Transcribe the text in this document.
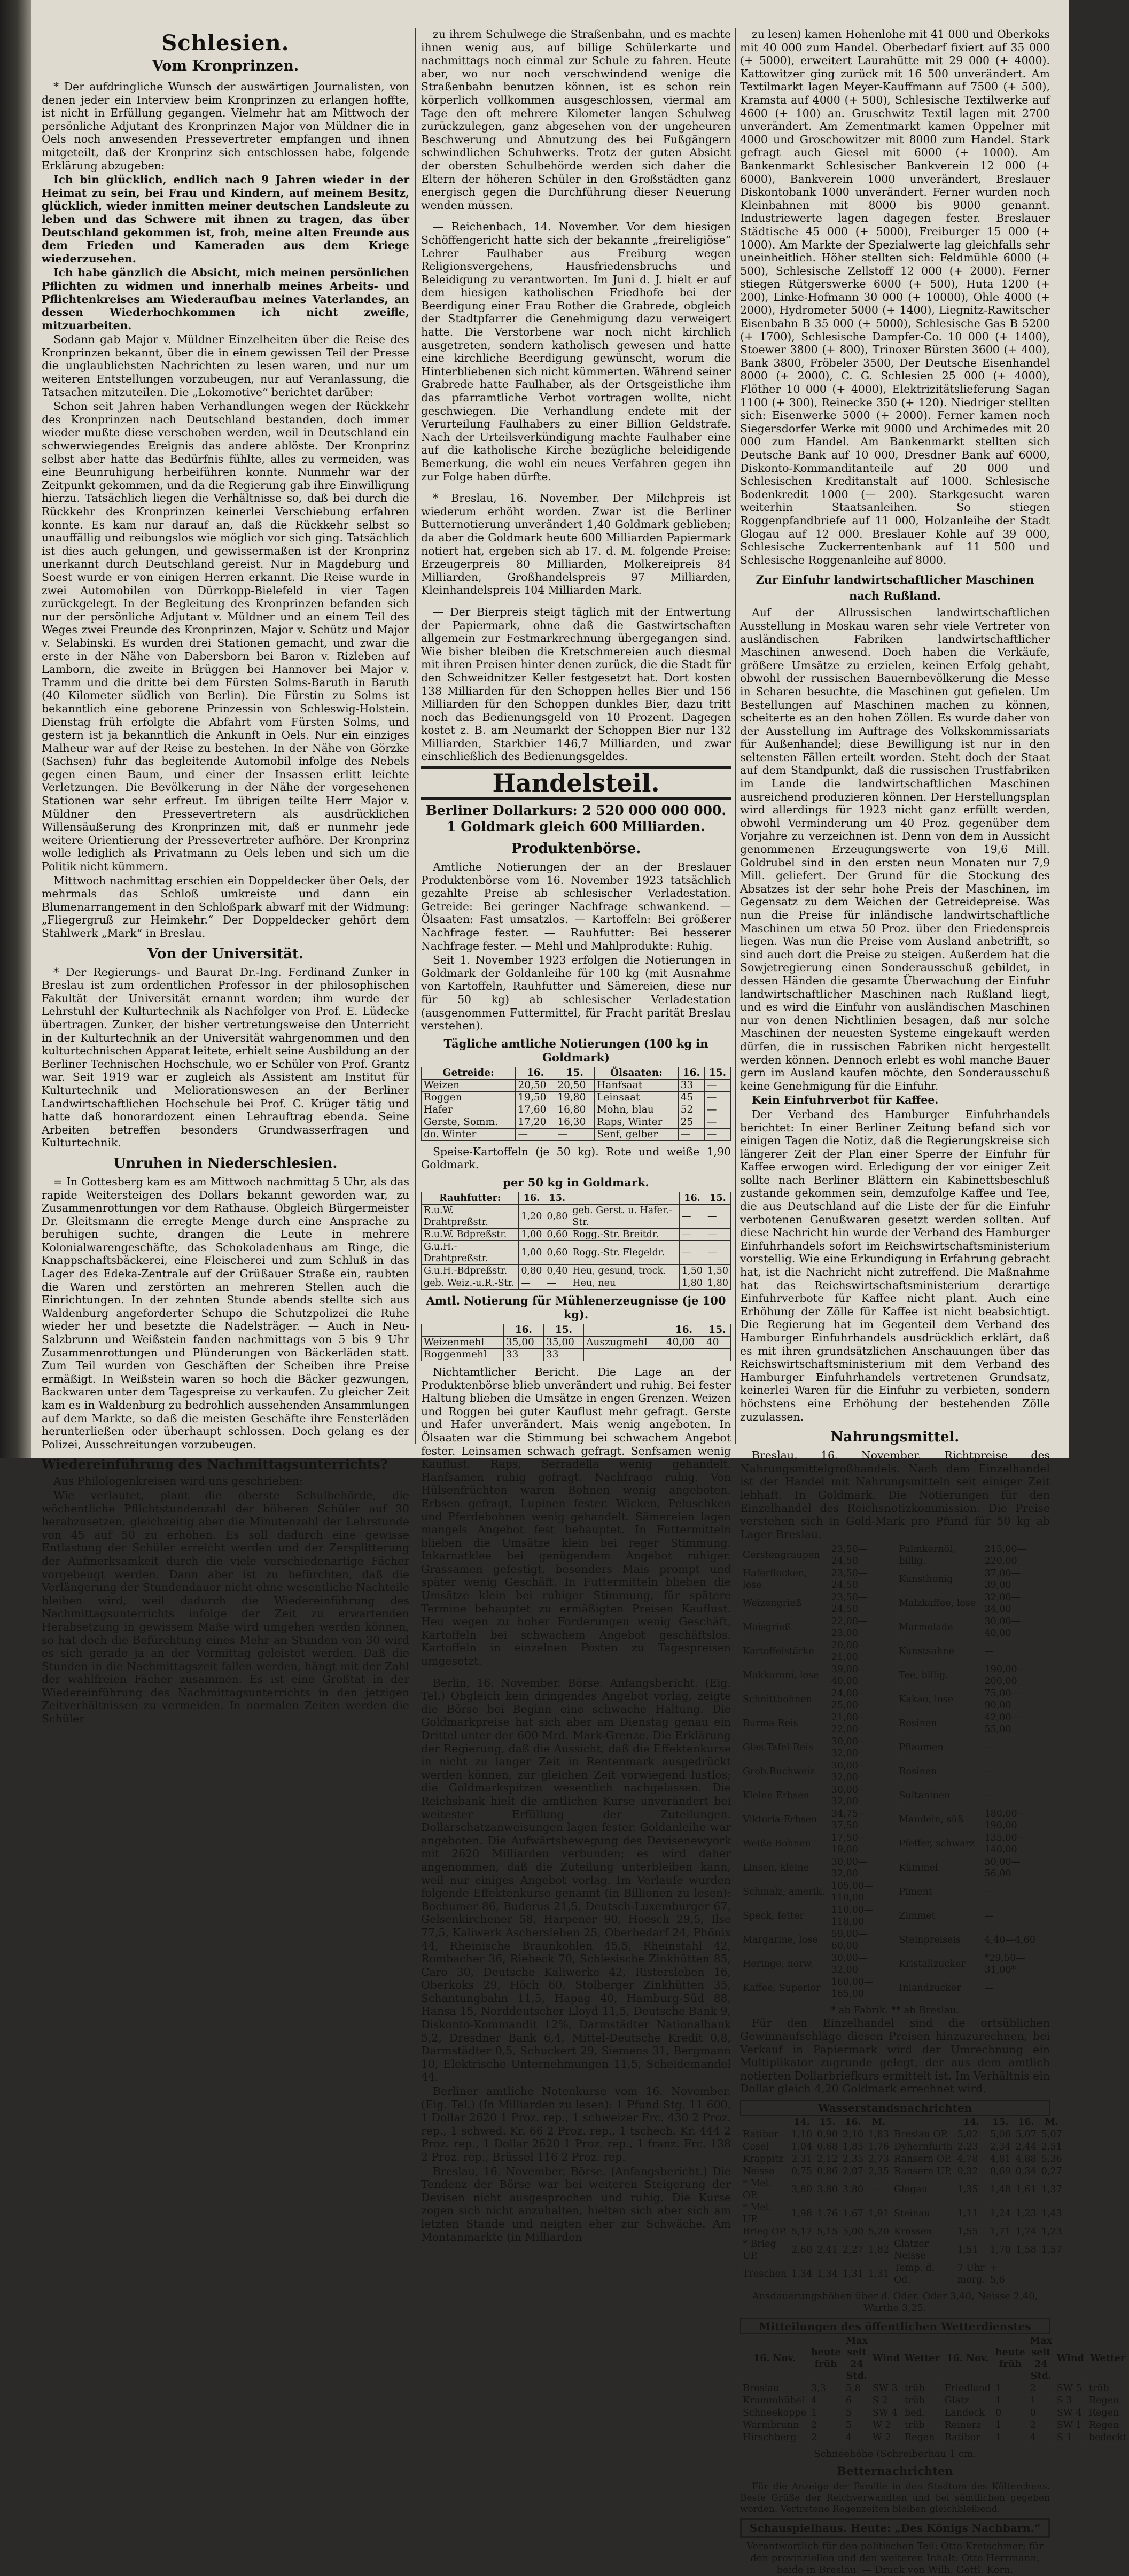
Schlesien.
Vom Kronprinzen.

* Der aufdringliche Wunsch der auswärtigen Journalisten, von denen jeder ein Interview beim Kronprinzen zu erlangen hoffte, ist nicht in Erfüllung gegangen. Vielmehr hat am Mittwoch der persönliche Adjutant des Kronprinzen Major von Müldner die in Oels noch anwesenden Pressevertreter empfangen und ihnen mitgeteilt, daß der Kronprinz sich entschlossen habe, folgende Erklärung abzugeben:

Ich bin glücklich, endlich nach 9 Jahren wieder in der Heimat zu sein, bei Frau und Kindern, auf meinem Besitz, glücklich, wieder inmitten meiner deutschen Landsleute zu leben und das Schwere mit ihnen zu tragen, das über Deutschland gekommen ist, froh, meine alten Freunde aus dem Frieden und Kameraden aus dem Kriege wiederzusehen.

Ich habe gänzlich die Absicht, mich meinen persönlichen Pflichten zu widmen und innerhalb meines Arbeits- und Pflichtenkreises am Wiederaufbau meines Vaterlandes, an dessen Wiederhochkommen ich nicht zweifle, mitzuarbeiten.

Sodann gab Major v. Müldner Einzelheiten über die Reise des Kronprinzen bekannt, über die in einem gewissen Teil der Presse die unglaublichsten Nachrichten zu lesen waren, und nur um weiteren Entstellungen vorzubeugen, nur auf Veranlassung, die Tatsachen mitzuteilen. Die „Lokomotive“ berichtet darüber:

Schon seit Jahren haben Verhandlungen wegen der Rückkehr des Kronprinzen nach Deutschland bestanden, doch immer wieder mußte diese verschoben werden, weil in Deutschland ein schwerwiegendes Ereignis das andere ablöste. Der Kronprinz selbst aber hatte das Bedürfnis fühlte, alles zu vermeiden, was eine Beunruhigung herbeiführen konnte. Nunmehr war der Zeitpunkt gekommen, und da die Regierung gab ihre Einwilligung hierzu. Tatsächlich liegen die Verhältnisse so, daß bei durch die Rückkehr des Kronprinzen keinerlei Verschiebung erfahren konnte. Es kam nur darauf an, daß die Rückkehr selbst so unauffällig und reibungslos wie möglich vor sich ging. Tatsächlich ist dies auch gelungen, und gewissermaßen ist der Kronprinz unerkannt durch Deutschland gereist. Nur in Magdeburg und Soest wurde er von einigen Herren erkannt. Die Reise wurde in zwei Automobilen von Dürrkopp-Bielefeld in vier Tagen zurückgelegt. In der Begleitung des Kronprinzen befanden sich nur der persönliche Adjutant v. Müldner und an einem Teil des Weges zwei Freunde des Kronprinzen, Major v. Schütz und Major v. Selabinski. Es wurden drei Stationen gemacht, und zwar die erste in der Nähe von Dabersborn bei Baron v. Rizleben auf Lamborn, die zweite in Brüggen bei Hannover bei Major v. Tramm und die dritte bei dem Fürsten Solms-Baruth in Baruth (40 Kilometer südlich von Berlin). Die Fürstin zu Solms ist bekanntlich eine geborene Prinzessin von Schleswig-Holstein. Dienstag früh erfolgte die Abfahrt vom Fürsten Solms, und gestern ist ja bekanntlich die Ankunft in Oels. Nur ein einziges Malheur war auf der Reise zu bestehen. In der Nähe von Görzke (Sachsen) fuhr das begleitende Automobil infolge des Nebels gegen einen Baum, und einer der Insassen erlitt leichte Verletzungen. Die Bevölkerung in der Nähe der vorgesehenen Stationen war sehr erfreut. Im übrigen teilte Herr Major v. Müldner den Pressevertretern als ausdrücklichen Willensäußerung des Kronprinzen mit, daß er nunmehr jede weitere Orientierung der Pressevertreter aufhöre. Der Kronprinz wolle lediglich als Privatmann zu Oels leben und sich um die Politik nicht kümmern.

Mittwoch nachmittag erschien ein Doppeldecker über Oels, der mehrmals das Schloß umkreiste und dann ein Blumenarrangement in den Schloßpark abwarf mit der Widmung: „Fliegergruß zur Heimkehr.“ Der Doppeldecker gehört dem Stahlwerk „Mark“ in Breslau.

Von der Universität.

* Der Regierungs- und Baurat Dr.-Ing. Ferdinand Zunker in Breslau ist zum ordentlichen Professor in der philosophischen Fakultät der Universität ernannt worden; ihm wurde der Lehrstuhl der Kulturtechnik als Nachfolger von Prof. E. Lüdecke übertragen. Zunker, der bisher vertretungsweise den Unterricht in der Kulturtechnik an der Universität wahrgenommen und den kulturtechnischen Apparat leitete, erhielt seine Ausbildung an der Berliner Technischen Hochschule, wo er Schüler von Prof. Grantz war. Seit 1919 war er zugleich als Assistent am Institut für Kulturtechnik und Meliorationswesen an der Berliner Landwirtschaftlichen Hochschule bei Prof. C. Krüger tätig und hatte daß honorardozent einen Lehrauftrag ebenda. Seine Arbeiten betreffen besonders Grundwasserfragen und Kulturtechnik.

Unruhen in Niederschlesien.

= In Gottesberg kam es am Mittwoch nachmittag 5 Uhr, als das rapide Weitersteigen des Dollars bekannt geworden war, zu Zusammenrottungen vor dem Rathause. Obgleich Bürgermeister Dr. Gleitsmann die erregte Menge durch eine Ansprache zu beruhigen suchte, drangen die Leute in mehrere Kolonialwarengeschäfte, das Schokoladenhaus am Ringe, die Knappschaftsbäckerei, eine Fleischerei und zum Schluß in das Lager des Edeka-Zentrale auf der Grüßauer Straße ein, raubten die Waren und zerstörten an mehreren Stellen auch die Einrichtungen. In der zehnten Stunde abends stellte sich aus Waldenburg angeforderter Schupo die Schutzpolizei die Ruhe wieder her und besetzte die Nadelsträger. — Auch in Neu-Salzbrunn und Weißstein fanden nachmittags von 5 bis 9 Uhr Zusammenrottungen und Plünderungen von Bäckerläden statt. Zum Teil wurden von Geschäften der Scheiben ihre Preise ermäßigt. In Weißstein waren so hoch die Bäcker gezwungen, Backwaren unter dem Tagespreise zu verkaufen. Zu gleicher Zeit kam es in Waldenburg zu bedrohlich aussehenden Ansammlungen auf dem Markte, so daß die meisten Geschäfte ihre Fensterläden herunterließen oder überhaupt schlossen. Doch gelang es der Polizei, Ausschreitungen vorzubeugen.

Wiedereinführung des Nachmittagsunterrichts?

Aus Philologenkreisen wird uns geschrieben:

Wie verlautet, plant die oberste Schulbehörde, die wöchentliche Pflichtstundenzahl der höheren Schüler auf 30 herabzusetzen, gleichzeitig aber die Minutenzahl der Lehrstunde von 45 auf 50 zu erhöhen. Es soll dadurch eine gewisse Entlastung der Schüler erreicht werden und der Zersplitterung der Aufmerksamkeit durch die viele verschiedenartige Fächer vorgebeugt werden. Dann aber ist zu befürchten, daß die Verlängerung der Stundendauer nicht ohne wesentliche Nachteile bleiben wird, weil dadurch die Wiedereinführung des Nachmittagsunterrichts infolge der Zeit zu erwartenden Herabsetzung in gewissem Maße wird umgehen werden können, so hat doch die Befürchtung eines Mehr an Stunden von 30 wird es sich gerade ja an der Vormittag geleistet werden. Daß die Stunden in die Nachmittagszeit fallen werden, hängt mit der Zahl der wahlfreien Fächer zusammen. Es ist eine Großtat in der Wiedereinführung des Nachmittagsunterrichts in den jetzigen Zeitverhältnissen zu vermeiden. In normalen Zeiten werden die Schüler

zu ihrem Schulwege die Straßenbahn, und es machte ihnen wenig aus, auf billige Schülerkarte und nachmittags noch einmal zur Schule zu fahren. Heute aber, wo nur noch verschwindend wenige die Straßenbahn benutzen können, ist es schon rein körperlich vollkommen ausgeschlossen, viermal am Tage den oft mehrere Kilometer langen Schulweg zurückzulegen, ganz abgesehen von der ungeheuren Beschwerung und Abnutzung des bei Fußgängern schwindlichen Schuhwerks. Trotz der guten Absicht der obersten Schulbehörde werden sich daher die Eltern der höheren Schüler in den Großstädten ganz energisch gegen die Durchführung dieser Neuerung wenden müssen.

— Reichenbach, 14. November. Vor dem hiesigen Schöffengericht hatte sich der bekannte „freireligiöse“ Lehrer Faulhaber aus Freiburg wegen Religionsvergehens, Hausfriedensbruchs und Beleidigung zu verantworten. Im Juni d. J. hielt er auf dem hiesigen katholischen Friedhofe bei der Beerdigung einer Frau Rother die Grabrede, obgleich der Stadtpfarrer die Genehmigung dazu verweigert hatte. Die Verstorbene war noch nicht kirchlich ausgetreten, sondern katholisch gewesen und hatte eine kirchliche Beerdigung gewünscht, worum die Hinterbliebenen sich nicht kümmerten. Während seiner Grabrede hatte Faulhaber, als der Ortsgeistliche ihm das pfarramtliche Verbot vortragen wollte, nicht geschwiegen. Die Verhandlung endete mit der Verurteilung Faulhabers zu einer Billion Geldstrafe. Nach der Urteilsverkündigung machte Faulhaber eine auf die katholische Kirche bezügliche beleidigende Bemerkung, die wohl ein neues Verfahren gegen ihn zur Folge haben dürfte.

* Breslau, 16. November. Der Milchpreis ist wiederum erhöht worden. Zwar ist die Berliner Butternotierung unverändert 1,40 Goldmark geblieben; da aber die Goldmark heute 600 Milliarden Papiermark notiert hat, ergeben sich ab 17. d. M. folgende Preise: Erzeugerpreis 80 Milliarden, Molkereipreis 84 Milliarden, Großhandelspreis 97 Milliarden, Kleinhandelspreis 104 Milliarden Mark.

— Der Bierpreis steigt täglich mit der Entwertung der Papiermark, ohne daß die Gastwirtschaften allgemein zur Festmarkrechnung übergegangen sind. Wie bisher bleiben die Kretschmereien auch diesmal mit ihren Preisen hinter denen zurück, die die Stadt für den Schweidnitzer Keller festgesetzt hat. Dort kosten 138 Milliarden für den Schoppen helles Bier und 156 Milliarden für den Schoppen dunkles Bier, dazu tritt noch das Bedienungsgeld von 10 Prozent. Dagegen kostet z. B. am Neumarkt der Schoppen Bier nur 132 Milliarden, Starkbier 146,7 Milliarden, und zwar einschließlich des Bedienungsgeldes.

Handelsteil.
Berliner Dollarkurs: 2 520 000 000 000.
1 Goldmark gleich 600 Milliarden.
Produktenbörse.

Amtliche Notierungen der an der Breslauer Produktenbörse vom 16. November 1923 tatsächlich gezahlte Preise ab schlesischer Verladestation. Getreide: Bei geringer Nachfrage schwankend. — Ölsaaten: Fast umsatzlos. — Kartoffeln: Bei größerer Nachfrage fester. — Rauhfutter: Bei besserer Nachfrage fester. — Mehl und Mahlprodukte: Ruhig.

Seit 1. November 1923 erfolgen die Notierungen in Goldmark der Goldanleihe für 100 kg (mit Ausnahme von Kartoffeln, Rauhfutter und Sämereien, diese nur für 50 kg) ab schlesischer Verladestation (ausgenommen Futtermittel, für Fracht parität Breslau verstehen).

Tägliche amtliche Notierungen (100 kg in Goldmark)
Getreide:	16.	15.	Ölsaaten:	16.	15.
Weizen	20,50	20,50	Hanfsaat	33	—
Roggen	19,50	19,80	Leinsaat	45	—
Hafer	17,60	16,80	Mohn, blau	52	—
Gerste, Somm.	17,20	16,30	Raps, Winter	25	—
do. Winter	—	—	Senf, gelber	—	—

Speise-Kartoffeln (je 50 kg). Rote und weiße 1,90 Goldmark.

per 50 kg in Goldmark.
Rauhfutter:	16.	15.		16.	15.
R.u.W. Drahtpreßstr.	1,20	0,80	geb. Gerst. u. Hafer.-Str.	—	—
R.u.W. Bdpreßstr.	1,00	0,60	Rogg.-Str. Breitdr.	—	—
G.u.H.-Drahtpreßstr.	1,00	0,60	Rogg.-Str. Flegeldr.	—	—
G.u.H.-Bdpreßstr.	0,80	0,40	Heu, gesund, trock.	1,50	1,50
geb. Weiz.-u.R.-Str.	—	—	Heu, neu	1,80	1,80
Amtl. Notierung für Mühlenerzeugnisse (je 100 kg).
	16.	15.		16.	15.
Weizenmehl	35,00	35,00	Auszugmehl	40,00	40
Roggenmehl	33	33			

Nichtamtlicher Bericht. Die Lage an der Produktenbörse blieb unverändert und ruhig. Bei fester Haltung blieben die Umsätze in engen Grenzen. Weizen und Roggen bei guter Kauflust mehr gefragt. Gerste und Hafer unverändert. Mais wenig angeboten. In Ölsaaten war die Stimmung bei schwachem Angebot fester. Leinsamen schwach gefragt. Senfsamen wenig Kauflust. Raps, Serradella wenig gehandelt. Hanfsamen ruhig gefragt. Nachfrage ruhig. Von Hülsenfrüchten waren Bohnen wenig angeboten. Erbsen gefragt, Lupinen fester. Wicken, Peluschken und Pferdebohnen wenig gehandelt. Sämereien lagen mangels Angebot fest behauptet. In Futtermitteln blieben die Umsätze klein bei reger Stimmung. Inkarnatklee bei genügendem Angebot ruhiger. Grassamen gefestigt, besonders Mais prompt und später wenig Geschäft. In Futtermitteln blieben die Umsätze klein bei ruhiger Stimmung, für spätere Termine behauptet zu ermäßigten Preisen Kauflust. Heu wegen zu hoher Forderungen wenig Geschäft, Kartoffeln bei schwachem Angebot geschäftslos. Kartoffeln in einzelnen Posten zu Tagespreisen umgesetzt.

Berlin, 16. November. Börse. Anfangsbericht. (Eig. Tel.) Obgleich kein dringendes Angebot vorlag, zeigte die Börse bei Beginn eine schwache Haltung. Die Goldmarkpreise hat sich aber am Dienstag genau ein Drittel unter der 600 Mrd. Mark-Grenze. Die Erklärung der Regierung, daß die Aussicht, daß die Effektenkurse in nicht zu langer Zeit in Rentenmark ausgedrückt werden können, zur gleichen Zeit vorwiegend lustlos; die Goldmarkspitzen wesentlich nachgelassen. Die Reichsbank hielt die amtlichen Kurse unverändert bei weitester Erfüllung der Zuteilungen. Dollarschatzanweisungen lagen fester. Goldanleihe war angeboten. Die Aufwärtsbewegung des Devisenewyork mit 2620 Milliarden verbunden; es wird daher angenommen, daß die Zuteilung unterbleiben kann, weil nur einiges Angebot vorlag. Im Verlaufe wurden folgende Effektenkurse genannt (in Billionen zu lesen): Bochumer 86, Buderus 21,5, Deutsch-Luxemburger 67, Gelsenkirchener 58, Harpener 90, Hoesch 29,5, Ilse 77,5, Kaliwerk Aschersleben 25, Oberbedarf 24, Phönix 44, Rheinische Braunkohlen 45,5, Rheinstahl 42, Rombacher 36, Riebeck 70, Schlesische Zinkhütten 85, Caro 30, Deutsche Kaliwerke 42, Ristersleben 16, Oberkoks 29, Höch 60, Stolberger Zinkhütten 35, Schantungbahn 11,5, Hapag 40, Hamburg-Süd 88, Hansa 15, Norddeutscher Lloyd 11,5, Deutsche Bank 9, Diskonto-Kommandit 12%, Darmstädter Nationalbank 5,2, Dresdner Bank 6,4, Mittel-Deutsche Kredit 0,8, Darmstädter 0,5, Schuckert 29, Siemens 31, Bergmann 10, Elektrische Unternehmungen 11,5, Scheidemandel 44.

Berliner amtliche Notenkurse vom 16. November. (Eig. Tel.) (In Milliarden zu lesen): 1 Pfund Stg. 11 600, 1 Dollar 2620 1 Proz. rep., 1 schweizer Frc. 430 2 Proz. rep., 1 schwed. Kr. 66 2 Proz. rep., 1 tschech. Kr. 444 2 Proz. rep., 1 Dollar 2620 1 Proz. rep., 1 franz. Frc. 138 2 Proz. rep., Brüssel 116 2 Proz. rep.

Breslau, 16. November. Börse. (Anfangsbericht.) Die Tendenz der Börse war bei weiteren Steigerung der Devisen nicht ausgesprochen und ruhig. Die Kurse zogen sich nicht anzuhalten, hielten sich aber sich am letzten Stande und neigten eher zur Schwäche. Am Montanmarkte (in Milliarden

zu lesen) kamen Hohenlohe mit 41 000 und Oberkoks mit 40 000 zum Handel. Oberbedarf fixiert auf 35 000 (+ 5000), erweitert Laurahütte mit 29 000 (+ 4000). Kattowitzer ging zurück mit 16 500 unverändert. Am Textilmarkt lagen Meyer-Kauffmann auf 7500 (+ 500), Kramsta auf 4000 (+ 500), Schlesische Textilwerke auf 4600 (+ 100) an. Gruschwitz Textil lagen mit 2700 unverändert. Am Zementmarkt kamen Oppelner mit 4000 und Groschowitzer mit 8000 zum Handel. Stark gefragt auch Giesel mit 6000 (+ 1000). Am Bankenmarkt Schlesischer Bankverein 12 000 (+ 6000), Bankverein 1000 unverändert, Breslauer Diskontobank 1000 unverändert. Ferner wurden noch Kleinbahnen mit 8000 bis 9000 genannt. Industriewerte lagen dagegen fester. Breslauer Städtische 45 000 (+ 5000), Freiburger 15 000 (+ 1000). Am Markte der Spezialwerte lag gleichfalls sehr uneinheitlich. Höher stellten sich: Feldmühle 6000 (+ 500), Schlesische Zellstoff 12 000 (+ 2000). Ferner stiegen Rütgerswerke 6000 (+ 500), Huta 1200 (+ 200), Linke-Hofmann 30 000 (+ 10000), Ohle 4000 (+ 2000), Hydrometer 5000 (+ 1400), Liegnitz-Rawitscher Eisenbahn B 35 000 (+ 5000), Schlesische Gas B 5200 (+ 1700), Schlesische Dampfer-Co. 10 000 (+ 1400), Stoewer 3800 (+ 800), Trinoxer Bürsten 3600 (+ 400), Bank 3800, Fröbeler 3500, Der Deutsche Eisenhandel 8000 (+ 2000), C. G. Schlesien 25 000 (+ 4000), Flöther 10 000 (+ 4000), Elektrizitätslieferung Sagan 1100 (+ 300), Reinecke 350 (+ 120). Niedriger stellten sich: Eisenwerke 5000 (+ 2000). Ferner kamen noch Siegersdorfer Werke mit 9000 und Archimedes mit 20 000 zum Handel. Am Bankenmarkt stellten sich Deutsche Bank auf 10 000, Dresdner Bank auf 6000, Diskonto-Kommanditanteile auf 20 000 und Schlesischen Kreditanstalt auf 1000. Schlesische Bodenkredit 1000 (— 200). Starkgesucht waren weiterhin Staatsanleihen. So stiegen Roggenpfandbriefe auf 11 000, Holzanleihe der Stadt Glogau auf 12 000. Breslauer Kohle auf 39 000, Schlesische Zuckerrentenbank auf 11 500 und Schlesische Roggenanleihe auf 8000.

Zur Einfuhr landwirtschaftlicher Maschinen nach Rußland.

Auf der Allrussischen landwirtschaftlichen Ausstellung in Moskau waren sehr viele Vertreter von ausländischen Fabriken landwirtschaftlicher Maschinen anwesend. Doch haben die Verkäufe, größere Umsätze zu erzielen, keinen Erfolg gehabt, obwohl der russischen Bauernbevölkerung die Messe in Scharen besuchte, die Maschinen gut gefielen. Um Bestellungen auf Maschinen machen zu können, scheiterte es an den hohen Zöllen. Es wurde daher von der Ausstellung im Auftrage des Volkskommissariats für Außenhandel; diese Bewilligung ist nur in den seltensten Fällen erteilt worden. Steht doch der Staat auf dem Standpunkt, daß die russischen Trustfabriken im Lande die landwirtschaftlichen Maschinen ausreichend produzieren können. Der Herstellungsplan wird allerdings für 1923 nicht ganz erfüllt werden, obwohl Verminderung um 40 Proz. gegenüber dem Vorjahre zu verzeichnen ist. Denn von dem in Aussicht genommenen Erzeugungswerte von 19,6 Mill. Goldrubel sind in den ersten neun Monaten nur 7,9 Mill. geliefert. Der Grund für die Stockung des Absatzes ist der sehr hohe Preis der Maschinen, im Gegensatz zu dem Weichen der Getreidepreise. Was nun die Preise für inländische landwirtschaftliche Maschinen um etwa 50 Proz. über den Friedenspreis liegen. Was nun die Preise vom Ausland anbetrifft, so sind auch dort die Preise zu steigen. Außerdem hat die Sowjetregierung einen Sonderausschuß gebildet, in dessen Händen die gesamte Überwachung der Einfuhr landwirtschaftlicher Maschinen nach Rußland liegt, und es wird die Einfuhr von ausländischen Maschinen nur von denen Nichtlinien besagen, daß nur solche Maschinen der neuesten Systeme eingekauft werden dürfen, die in russischen Fabriken nicht hergestellt werden können. Dennoch erlebt es wohl manche Bauer gern im Ausland kaufen möchte, den Sonderausschuß keine Genehmigung für die Einfuhr.

Kein Einfuhrverbot für Kaffee.

Der Verband des Hamburger Einfuhrhandels berichtet: In einer Berliner Zeitung befand sich vor einigen Tagen die Notiz, daß die Regierungskreise sich längerer Zeit der Plan einer Sperre der Einfuhr für Kaffee erwogen wird. Erledigung der vor einiger Zeit sollte nach Berliner Blättern ein Kabinettsbeschluß zustande gekommen sein, demzufolge Kaffee und Tee, die aus Deutschland auf die Liste der für die Einfuhr verbotenen Genußwaren gesetzt werden sollten. Auf diese Nachricht hin wurde der Verband des Hamburger Einfuhrhandels sofort im Reichswirtschaftsministerium vorstellig. Wie eine Erkundigung in Erfahrung gebracht hat, ist die Nachricht nicht zutreffend. Die Maßnahme hat das Reichswirtschaftsministerium derartige Einfuhrverbote für Kaffee nicht plant. Auch eine Erhöhung der Zölle für Kaffee ist nicht beabsichtigt. Die Regierung hat im Gegenteil dem Verband des Hamburger Einfuhrhandels ausdrücklich erklärt, daß es mit ihren grundsätzlichen Anschauungen über das Reichswirtschaftsministerium mit dem Verband des Hamburger Einfuhrhandels vertretenen Grundsatz, keinerlei Waren für die Einfuhr zu verbieten, sondern höchstens eine Erhöhung der bestehenden Zölle zuzulassen.

Nahrungsmittel.

Breslau, 16. November. Richtpreise des Nahrungsmittelgroßhandels. Nach dem Einzelhandel ist der Handel mit Nahrungsmitteln seit einiger Zeit lebhaft. In Goldmark. Die Notierungen für den Einzelhandel des Reichsnotizkommission. Die Preise verstehen sich in Gold-Mark pro Pfund für 50 kg ab Lager Breslau.

Gerstengraupen	23,50—24,50	Palmkernöl, billig.	215,00—220,00
Haferflocken, lose	23,50—24,50	Kunsthonig	37,00—39,00
Weizengrieß	23,50—24,50	Malzkaffee, lose	32,00—34,00
Maisgrieß	22,00—23,00	Marmelade	30,00—40,00
Kartoffelstärke	20,00—21,00	Kunstsahne	—
Makkaroni, lose	39,00—40,00	Tee, billig.	190,00—200,00
Schnittbohnen	24,00—25,00	Kakao, lose	75,00—90,00
Burma-Reis	21,00—22,00	Rosinen	42,00—55,00
Glas.Tafel-Reis	30,00—32,00	Pflaumen	—
Grob.Buchweiz	30,00—32,00	Rosinen	—
Kleine Erbsen	30,00—32,00	Sultaninen	—
Viktoria-Erbsen	34,75—37,50	Mandeln, süß	180,00—190,00
Weiße Bohnen	17,50—19,00	Pfeffer, schwarz	135,00—140,00
Linsen, kleine	30,00—32,00	Kümmel	50,00—56,00
Schmalz, amerik.	105,00—110,00	Piment	—
Speck, fetter	110,00—118,00	Zimmet	—
Margarine, lose	59,00—60,00	Steinpreiseis	4,40—4,60
Heringe, norw.	30,00—32,00	Kristallzucker	*29,50—31,00*
Kaffee, Superior	160,00—165,00	Inlandzucker	—
* ab Fabrik. ** ab Breslau.

Für den Einzelhandel sind die ortsüblichen Gewinnaufschläge diesen Preisen hinzuzurechnen, bei Verkauf in Papiermark wird der Umrechnung ein Multiplikator zugrunde gelegt, der aus dem amtlich notierten Dollarbriefkurs ermittelt ist. Im Verhältnis ein Dollar gleich 4,20 Goldmark errechnet wird.

Wasserstandsnachrichten
	14.	15.	16.	M.		14.	15.	16.	M.
Ratibor	1,10	0,90	2,10	1,83	Breslau OP.	5,02	5,06	5,07	5,07
Cosel	1,04	0,68	1,85	1,76	Dyhernfurth	2,23	2,34	2,44	2,51
Krappitz	2,31	2,12	2,35	2,73	Ransern OP.	4,78	4,81	4,88	5,36
Neisse	0,75	0,86	2,07	2,35	Ransern UP.	0,32	0,69	0,34	0,27
* Mel. OP.	3,80	3,80	3,80	—	Glogau	1,35	1,48	1,61	1,37
* Mel. UP.	1,98	1,76	1,67	1,91	Steinau	1,11	1,24	1,23	1,43
Brieg OP.	5,17	5,15	5,00	5,20	Krossen	1,55	1,71	1,74	1,23
* Brieg UP.	2,60	2,41	2,27	1,82	Glatzer Neisse	1,51	1,70	1,58	1,57
Treschen	1,34	1,34	1,31	1,31	Temp. d. Od.	7 Uhr morg.	+ 5,6		
Ansdauerungshöhen über d. Oder. Oder 3,40, Neisse 2,40, Warthe 3,25.
Mitteilungen des öffentlichen Wetterdienstes
16. Nov.	heute früh	Max seit 24 Std.	Wind	Wetter	16. Nov.	heute früh	Max seit 24 Std.	Wind	Wetter
Breslau	3,3	5,8	SW 3	trüb	Friedland	1	2	SW 5	trüb
Krummhübel	4	6	S 2	trüb	Glatz	1	1	S 3	Regen
Schneekoppe	1	5	SW 4	bed.	Landeck	0	0	SW 4	Regen
Warmbrunn	2	5	W 2	trüb	Reinerz	1	2	SW 1	Regen
Hirschberg	2	4	W 2	Regen	Ratibor	1	4	S 1	bedeckt
Schneehöhe (Schreiberhau 1 cm.
Betternachrichten

Für die Anzeige der Familie in den Stadtum des Költerchens. Beste Grüße der Reichverwandten und bei sämtlichen gegeben worden. Vertretene Regenzeiten bleiben gleichbleibend.

Schauspielhaus. Heute: „Des Königs Nachbarn.“
Verantwortlich für den politischen Teil: Otto Kretschmer; für den provinziellen und den weiteren Inhalt: Otto Herrmann, beide in Breslau. — Druck von Wilh. Gottl. Korn.
